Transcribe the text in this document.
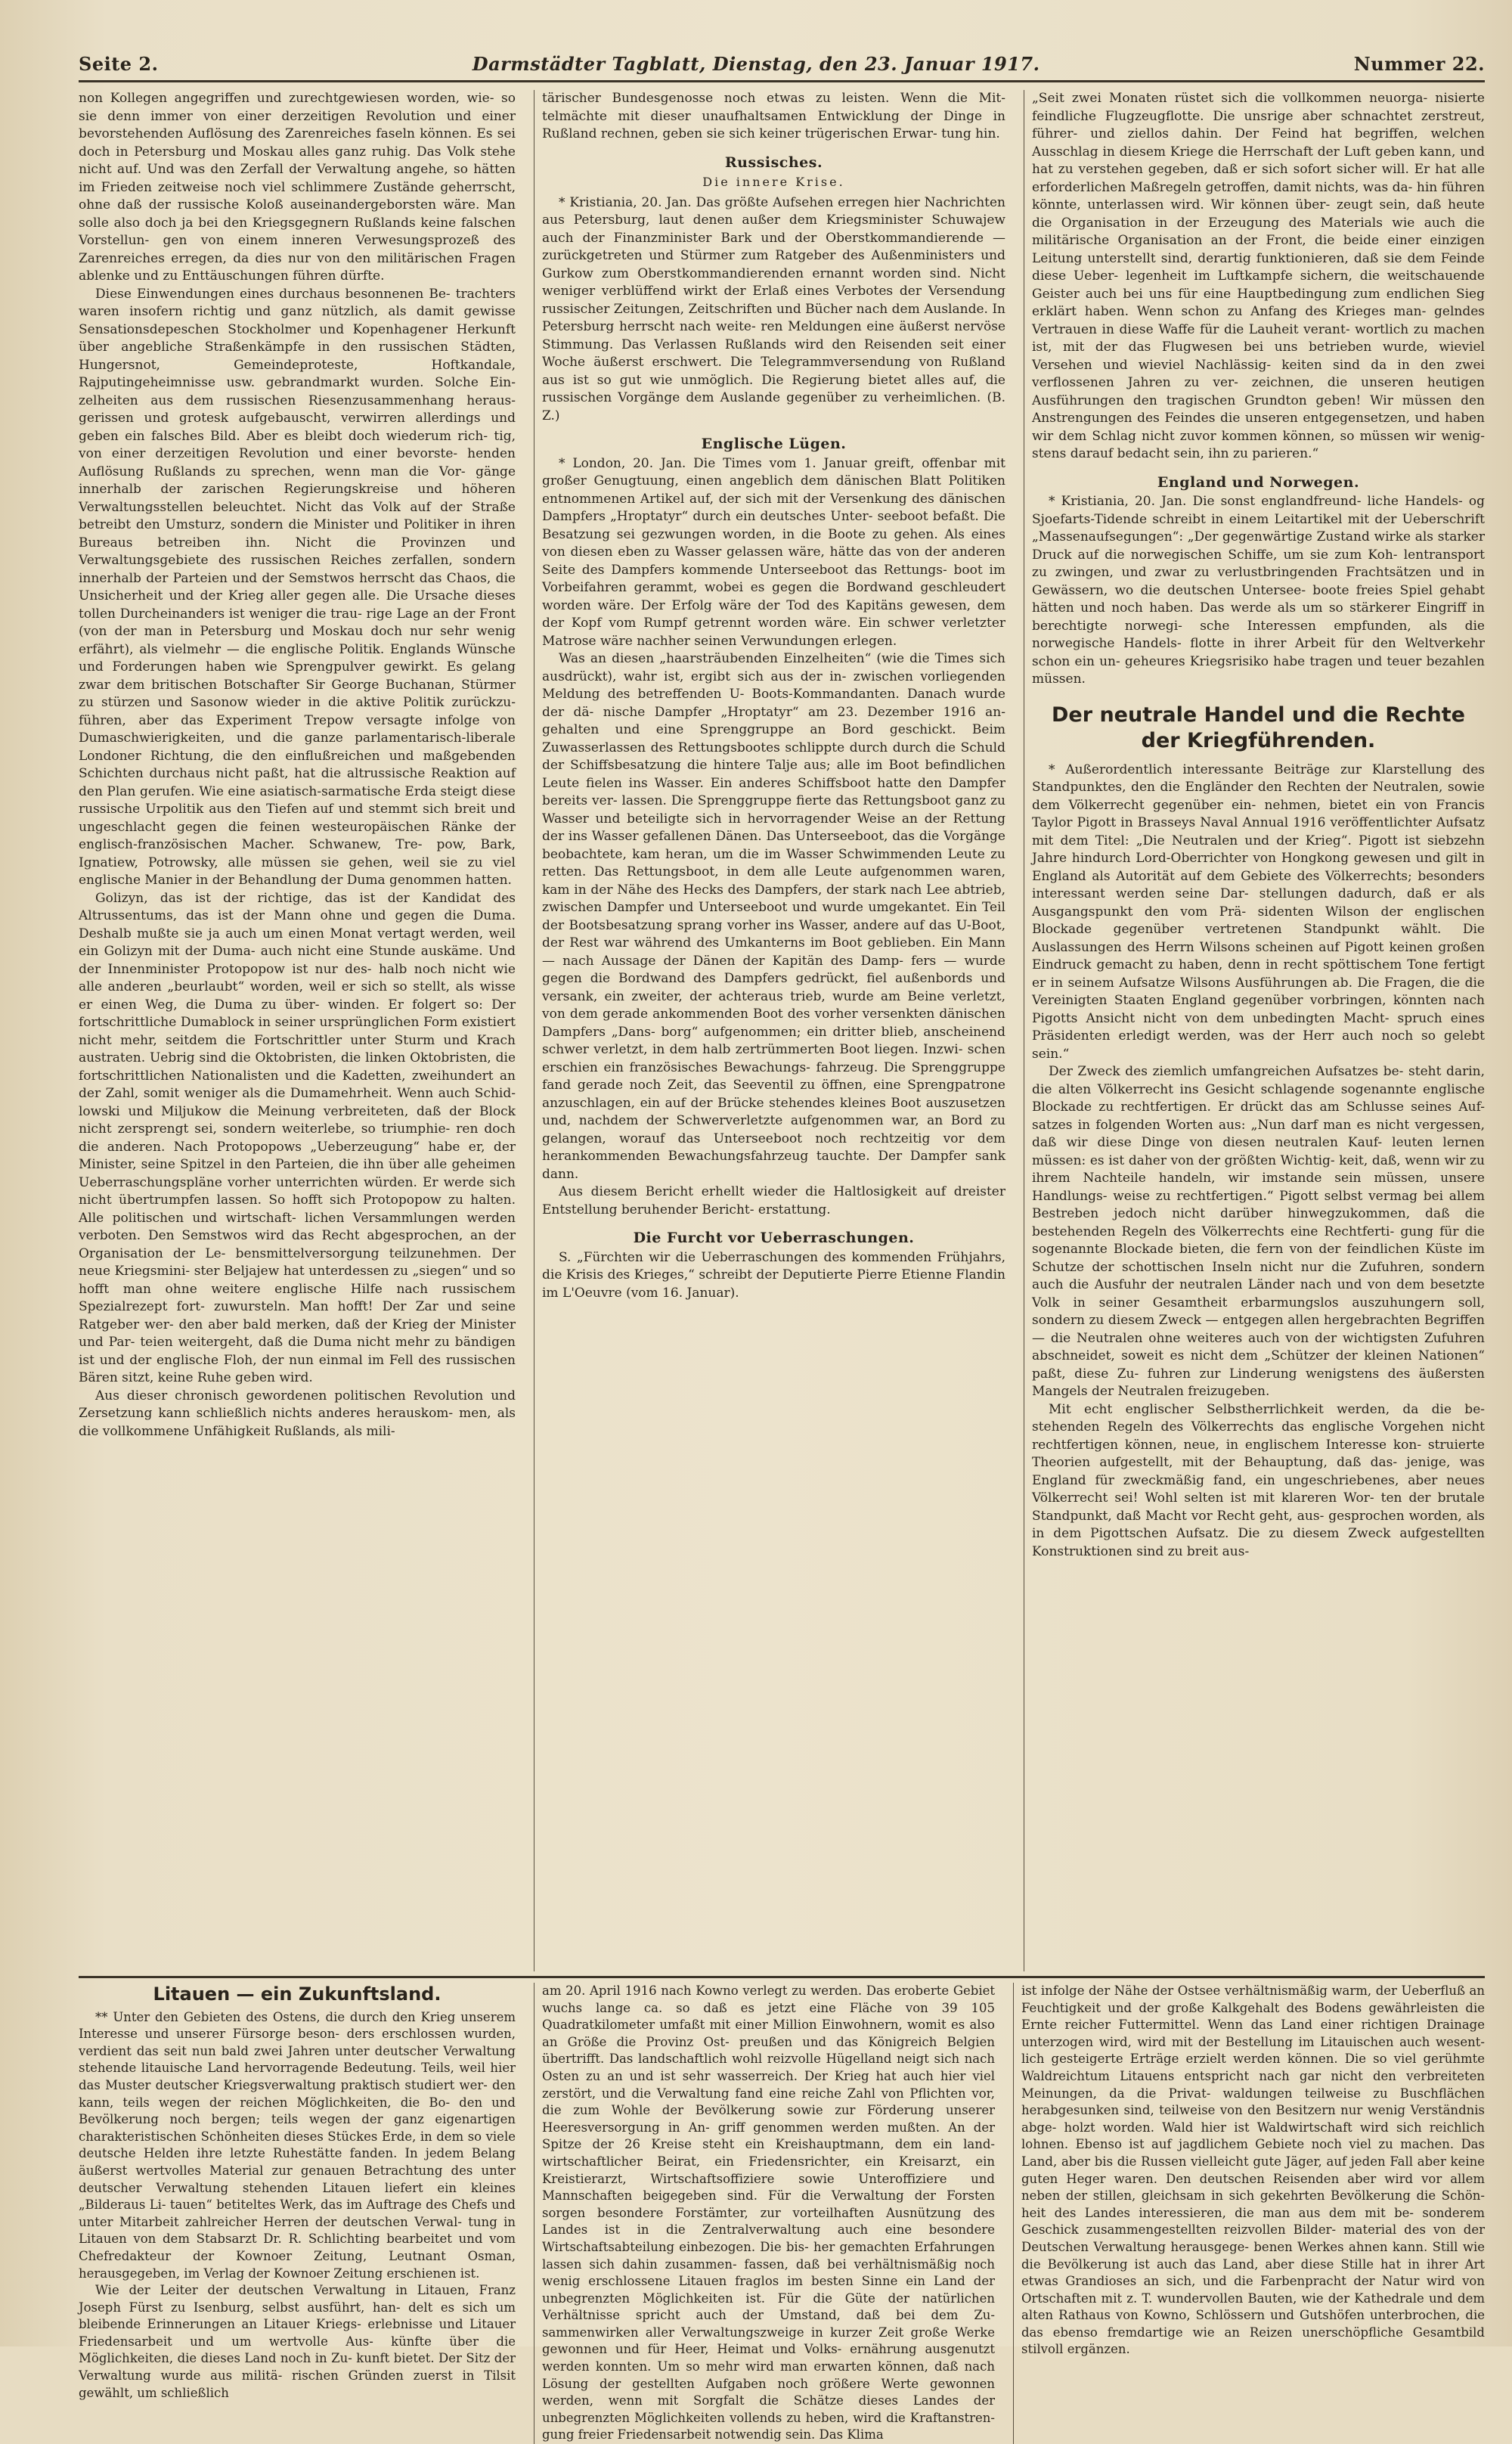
Seite 2.	Darmstädter Tagblatt, Dienstag, den 23. Januar 1917.	Nummer 22.

non Kollegen angegriffen und zurechtgewiesen worden, wie- so sie denn immer von einer derzeitigen Revolution und einer bevorstehenden Auflösung des Zarenreiches faseln können. Es sei doch in Petersburg und Moskau alles ganz ruhig. Das Volk stehe nicht auf. Und was den Zerfall der Verwaltung angehe, so hätten im Frieden zeitweise noch viel schlimmere Zustände geherrscht, ohne daß der russische Koloß auseinandergeborsten wäre. Man solle also doch ja bei den Kriegsgegnern Rußlands keine falschen Vorstellun- gen von einem inneren Verwesungsprozeß des Zarenreiches erregen, da dies nur von den militärischen Fragen ablenke und zu Enttäuschungen führen dürfte.

Diese Einwendungen eines durchaus besonnenen Be- trachters waren insofern richtig und ganz nützlich, als damit gewisse Sensationsdepeschen Stockholmer und Kopenhagener Herkunft über angebliche Straßenkämpfe in den russischen Städten, Hungersnot, Gemeindeproteste, Hoftkandale, Rajputingeheimnisse usw. gebrandmarkt wurden. Solche Ein- zelheiten aus dem russischen Riesenzusammenhang heraus- gerissen und grotesk aufgebauscht, verwirren allerdings und geben ein falsches Bild. Aber es bleibt doch wiederum rich- tig, von einer derzeitigen Revolution und einer bevorste- henden Auflösung Rußlands zu sprechen, wenn man die Vor- gänge innerhalb der zarischen Regierungskreise und höheren Verwaltungsstellen beleuchtet. Nicht das Volk auf der Straße betreibt den Umsturz, sondern die Minister und Politiker in ihren Bureaus betreiben ihn. Nicht die Provinzen und Verwaltungsgebiete des russischen Reiches zerfallen, sondern innerhalb der Parteien und der Semstwos herrscht das Chaos, die Unsicherheit und der Krieg aller gegen alle. Die Ursache dieses tollen Durcheinanders ist weniger die trau- rige Lage an der Front (von der man in Petersburg und Moskau doch nur sehr wenig erfährt), als vielmehr — die englische Politik. Englands Wünsche und Forderungen haben wie Sprengpulver gewirkt. Es gelang zwar dem britischen Botschafter Sir George Buchanan, Stürmer zu stürzen und Sasonow wieder in die aktive Politik zurückzu- führen, aber das Experiment Trepow versagte infolge von Dumaschwierigkeiten, und die ganze parlamentarisch-liberale Londoner Richtung, die den einflußreichen und maßgebenden Schichten durchaus nicht paßt, hat die altrussische Reaktion auf den Plan gerufen. Wie eine asiatisch-sarmatische Erda steigt diese russische Urpolitik aus den Tiefen auf und stemmt sich breit und ungeschlacht gegen die feinen westeuropäischen Ränke der englisch-französischen Macher. Schwanew, Tre- pow, Bark, Ignatiew, Potrowsky, alle müssen sie gehen, weil sie zu viel englische Manier in der Behandlung der Duma genommen hatten.

Golizyn, das ist der richtige, das ist der Kandidat des Altrussentums, das ist der Mann ohne und gegen die Duma. Deshalb mußte sie ja auch um einen Monat vertagt werden, weil ein Golizyn mit der Duma- auch nicht eine Stunde auskäme. Und der Innenminister Protopopow ist nur des- halb noch nicht wie alle anderen „beurlaubt“ worden, weil er sich so stellt, als wisse er einen Weg, die Duma zu über- winden. Er folgert so: Der fortschrittliche Dumablock in seiner ursprünglichen Form existiert nicht mehr, seitdem die Fortschrittler unter Sturm und Krach austraten. Uebrig sind die Oktobristen, die linken Oktobristen, die fortschrittlichen Nationalisten und die Kadetten, zweihundert an der Zahl, somit weniger als die Dumamehrheit. Wenn auch Schid- lowski und Miljukow die Meinung verbreiteten, daß der Block nicht zersprengt sei, sondern weiterlebe, so triumphie- ren doch die anderen. Nach Protopopows „Ueberzeugung“ habe er, der Minister, seine Spitzel in den Parteien, die ihn über alle geheimen Ueberraschungspläne vorher unterrichten würden. Er werde sich nicht übertrumpfen lassen. So hofft sich Protopopow zu halten. Alle politischen und wirtschaft- lichen Versammlungen werden verboten. Den Semstwos wird das Recht abgesprochen, an der Organisation der Le- bensmittelversorgung teilzunehmen. Der neue Kriegsmini- ster Beljajew hat unterdessen zu „siegen“ und so hofft man ohne weitere englische Hilfe nach russischem Spezialrezept fort- zuwursteln. Man hofft! Der Zar und seine Ratgeber wer- den aber bald merken, daß der Krieg der Minister und Par- teien weitergeht, daß die Duma nicht mehr zu bändigen ist und der englische Floh, der nun einmal im Fell des russischen Bären sitzt, keine Ruhe geben wird.

Aus dieser chronisch gewordenen politischen Revolution und Zersetzung kann schließlich nichts anderes herauskom- men, als die vollkommene Unfähigkeit Rußlands, als mili-

tärischer Bundesgenosse noch etwas zu leisten. Wenn die Mit- telmächte mit dieser unaufhaltsamen Entwicklung der Dinge in Rußland rechnen, geben sie sich keiner trügerischen Erwar- tung hin.

Russisches.
Die innere Krise.

* Kristiania, 20. Jan. Das größte Aufsehen erregen hier Nachrichten aus Petersburg, laut denen außer dem Kriegsminister Schuwajew auch der Finanzminister Bark und der Oberstkommandierende — zurückgetreten und Stürmer zum Ratgeber des Außenministers und Gurkow zum Oberstkommandierenden ernannt worden sind. Nicht weniger verblüffend wirkt der Erlaß eines Verbotes der Versendung russischer Zeitungen, Zeitschriften und Bücher nach dem Auslande. In Petersburg herrscht nach weite- ren Meldungen eine äußerst nervöse Stimmung. Das Verlassen Rußlands wird den Reisenden seit einer Woche äußerst erschwert. Die Telegrammversendung von Rußland aus ist so gut wie unmöglich. Die Regierung bietet alles auf, die russischen Vorgänge dem Auslande gegenüber zu verheimlichen. (B. Z.)

Englische Lügen.

* London, 20. Jan. Die Times vom 1. Januar greift, offenbar mit großer Genugtuung, einen angeblich dem dänischen Blatt Politiken entnommenen Artikel auf, der sich mit der Versenkung des dänischen Dampfers „Hroptatyr“ durch ein deutsches Unter- seeboot befaßt. Die Besatzung sei gezwungen worden, in die Boote zu gehen. Als eines von diesen eben zu Wasser gelassen wäre, hätte das von der anderen Seite des Dampfers kommende Unterseeboot das Rettungs- boot im Vorbeifahren gerammt, wobei es gegen die Bordwand geschleudert worden wäre. Der Erfolg wäre der Tod des Kapitäns gewesen, dem der Kopf vom Rumpf getrennt worden wäre. Ein schwer verletzter Matrose wäre nachher seinen Verwundungen erlegen.

Was an diesen „haarsträubenden Einzelheiten“ (wie die Times sich ausdrückt), wahr ist, ergibt sich aus der in- zwischen vorliegenden Meldung des betreffenden U- Boots-Kommandanten. Danach wurde der dä- nische Dampfer „Hroptatyr“ am 23. Dezember 1916 an- gehalten und eine Sprenggruppe an Bord geschickt. Beim Zuwasserlassen des Rettungsbootes schlippte durch durch die Schuld der Schiffsbesatzung die hintere Talje aus; alle im Boot befindlichen Leute fielen ins Wasser. Ein anderes Schiffsboot hatte den Dampfer bereits ver- lassen. Die Sprenggruppe fierte das Rettungsboot ganz zu Wasser und beteiligte sich in hervorragender Weise an der Rettung der ins Wasser gefallenen Dänen. Das Unterseeboot, das die Vorgänge beobachtete, kam heran, um die im Wasser Schwimmenden Leute zu retten. Das Rettungsboot, in dem alle Leute aufgenommen waren, kam in der Nähe des Hecks des Dampfers, der stark nach Lee abtrieb, zwischen Dampfer und Unterseeboot und wurde umgekantet. Ein Teil der Bootsbesatzung sprang vorher ins Wasser, andere auf das U-Boot, der Rest war während des Umkanterns im Boot geblieben. Ein Mann — nach Aussage der Dänen der Kapitän des Damp- fers — wurde gegen die Bordwand des Dampfers gedrückt, fiel außenbords und versank, ein zweiter, der achteraus trieb, wurde am Beine verletzt, von dem gerade ankommenden Boot des vorher versenkten dänischen Dampfers „Dans- borg“ aufgenommen; ein dritter blieb, anscheinend schwer verletzt, in dem halb zertrümmerten Boot liegen. Inzwi- schen erschien ein französisches Bewachungs- fahrzeug. Die Sprenggruppe fand gerade noch Zeit, das Seeventil zu öffnen, eine Sprengpatrone anzuschlagen, ein auf der Brücke stehendes kleines Boot auszusetzen und, nachdem der Schwerverletzte aufgenommen war, an Bord zu gelangen, worauf das Unterseeboot noch rechtzeitig vor dem herankommenden Bewachungsfahrzeug tauchte. Der Dampfer sank dann.

Aus diesem Bericht erhellt wieder die Haltlosigkeit auf dreister Entstellung beruhender Bericht- erstattung.

Die Furcht vor Ueberraschungen.

S. „Fürchten wir die Ueberraschungen des kommenden Frühjahrs, die Krisis des Krieges,“ schreibt der Deputierte Pierre Etienne Flandin im L'Oeuvre (vom 16. Januar).

„Seit zwei Monaten rüstet sich die vollkommen neuorga- nisierte feindliche Flugzeugflotte. Die unsrige aber schnachtet zerstreut, führer- und ziellos dahin. Der Feind hat begriffen, welchen Ausschlag in diesem Kriege die Herrschaft der Luft geben kann, und hat zu verstehen gegeben, daß er sich sofort sicher will. Er hat alle erforderlichen Maßregeln getroffen, damit nichts, was da- hin führen könnte, unterlassen wird. Wir können über- zeugt sein, daß heute die Organisation in der Erzeugung des Materials wie auch die militärische Organisation an der Front, die beide einer einzigen Leitung unterstellt sind, derartig funktionieren, daß sie dem Feinde diese Ueber- legenheit im Luftkampfe sichern, die weitschauende Geister auch bei uns für eine Hauptbedingung zum endlichen Sieg erklärt haben. Wenn schon zu Anfang des Krieges man- gelndes Vertrauen in diese Waffe für die Lauheit verant- wortlich zu machen ist, mit der das Flugwesen bei uns betrieben wurde, wieviel Versehen und wieviel Nachlässig- keiten sind da in den zwei verflossenen Jahren zu ver- zeichnen, die unseren heutigen Ausführungen den tragischen Grundton geben! Wir müssen den Anstrengungen des Feindes die unseren entgegensetzen, und haben wir dem Schlag nicht zuvor kommen können, so müssen wir wenig- stens darauf bedacht sein, ihn zu parieren.“

England und Norwegen.

* Kristiania, 20. Jan. Die sonst englandfreund- liche Handels- og Sjoefarts-Tidende schreibt in einem Leitartikel mit der Ueberschrift „Massenaufsegungen“: „Der gegenwärtige Zustand wirke als starker Druck auf die norwegischen Schiffe, um sie zum Koh- lentransport zu zwingen, und zwar zu verlustbringenden Frachtsätzen und in Gewässern, wo die deutschen Untersee- boote freies Spiel gehabt hätten und noch haben. Das werde als um so stärkerer Eingriff in berechtigte norwegi- sche Interessen empfunden, als die norwegische Handels- flotte in ihrer Arbeit für den Weltverkehr schon ein un- geheures Kriegsrisiko habe tragen und teuer bezahlen müssen.

Der neutrale Handel und die Rechte der Kriegführenden.

* Außerordentlich interessante Beiträge zur Klarstellung des Standpunktes, den die Engländer den Rechten der Neutralen, sowie dem Völkerrecht gegenüber ein- nehmen, bietet ein von Francis Taylor Pigott in Brasseys Naval Annual 1916 veröffentlichter Aufsatz mit dem Titel: „Die Neutralen und der Krieg“. Pigott ist siebzehn Jahre hindurch Lord-Oberrichter von Hongkong gewesen und gilt in England als Autorität auf dem Gebiete des Völkerrechts; besonders interessant werden seine Dar- stellungen dadurch, daß er als Ausgangspunkt den vom Prä- sidenten Wilson der englischen Blockade gegenüber vertretenen Standpunkt wählt. Die Auslassungen des Herrn Wilsons scheinen auf Pigott keinen großen Eindruck gemacht zu haben, denn in recht spöttischem Tone fertigt er in seinem Aufsatze Wilsons Ausführungen ab. Die Fragen, die die Vereinigten Staaten England gegenüber vorbringen, könnten nach Pigotts Ansicht nicht von dem unbedingten Macht- spruch eines Präsidenten erledigt werden, was der Herr auch noch so gelebt sein.“

Der Zweck des ziemlich umfangreichen Aufsatzes be- steht darin, die alten Völkerrecht ins Gesicht schlagende sogenannte englische Blockade zu rechtfertigen. Er drückt das am Schlusse seines Auf- satzes in folgenden Worten aus: „Nun darf man es nicht vergessen, daß wir diese Dinge von diesen neutralen Kauf- leuten lernen müssen: es ist daher von der größten Wichtig- keit, daß, wenn wir zu ihrem Nachteile handeln, wir imstande sein müssen, unsere Handlungs- weise zu rechtfertigen.“ Pigott selbst vermag bei allem Bestreben jedoch nicht darüber hinwegzukommen, daß die bestehenden Regeln des Völkerrechts eine Rechtferti- gung für die sogenannte Blockade bieten, die fern von der feindlichen Küste im Schutze der schottischen Inseln nicht nur die Zufuhren, sondern auch die Ausfuhr der neutralen Länder nach und von dem besetzte Volk in seiner Gesamtheit erbarmungslos auszuhungern soll, sondern zu diesem Zweck — entgegen allen hergebrachten Begriffen — die Neutralen ohne weiteres auch von der wichtigsten Zufuhren abschneidet, soweit es nicht dem „Schützer der kleinen Nationen“ paßt, diese Zu- fuhren zur Linderung wenigstens des äußersten Mangels der Neutralen freizugeben.

Mit echt englischer Selbstherrlichkeit werden, da die be- stehenden Regeln des Völkerrechts das englische Vorgehen nicht rechtfertigen können, neue, in englischem Interesse kon- struierte Theorien aufgestellt, mit der Behauptung, daß das- jenige, was England für zweckmäßig fand, ein ungeschriebenes, aber neues Völkerrecht sei! Wohl selten ist mit klareren Wor- ten der brutale Standpunkt, daß Macht vor Recht geht, aus- gesprochen worden, als in dem Pigottschen Aufsatz. Die zu diesem Zweck aufgestellten Konstruktionen sind zu breit aus-

Litauen — ein Zukunftsland.

** Unter den Gebieten des Ostens, die durch den Krieg unserem Interesse und unserer Fürsorge beson- ders erschlossen wurden, verdient das seit nun bald zwei Jahren unter deutscher Verwaltung stehende litauische Land hervorragende Bedeutung. Teils, weil hier das Muster deutscher Kriegsverwaltung praktisch studiert wer- den kann, teils wegen der reichen Möglichkeiten, die Bo- den und Bevölkerung noch bergen; teils wegen der ganz eigenartigen charakteristischen Schönheiten dieses Stückes Erde, in dem so viele deutsche Helden ihre letzte Ruhestätte fanden. In jedem Belang äußerst wertvolles Material zur genauen Betrachtung des unter deutscher Verwaltung stehenden Litauen liefert ein kleines „Bilderaus Li- tauen“ betiteltes Werk, das im Auftrage des Chefs und unter Mitarbeit zahlreicher Herren der deutschen Verwal- tung in Litauen von dem Stabsarzt Dr. R. Schlichting bearbeitet und vom Chefredakteur der Kownoer Zeitung, Leutnant Osman, herausgegeben, im Verlag der Kownoer Zeitung erschienen ist.

Wie der Leiter der deutschen Verwaltung in Litauen, Franz Joseph Fürst zu Isenburg, selbst ausführt, han- delt es sich um bleibende Erinnerungen an Litauer Kriegs- erlebnisse und Litauer Friedensarbeit und um wertvolle Aus- künfte über die Möglichkeiten, die dieses Land noch in Zu- kunft bietet. Der Sitz der Verwaltung wurde aus militä- rischen Gründen zuerst in Tilsit gewählt, um schließlich

am 20. April 1916 nach Kowno verlegt zu werden. Das eroberte Gebiet wuchs lange ca. so daß es jetzt eine Fläche von 39 105 Quadratkilometer umfaßt mit einer Million Einwohnern, womit es also an Größe die Provinz Ost- preußen und das Königreich Belgien übertrifft. Das landschaftlich wohl reizvolle Hügelland neigt sich nach Osten zu an und ist sehr wasserreich. Der Krieg hat auch hier viel zerstört, und die Verwaltung fand eine reiche Zahl von Pflichten vor, die zum Wohle der Bevölkerung sowie zur Förderung unserer Heeresversorgung in An- griff genommen werden mußten. An der Spitze der 26 Kreise steht ein Kreishauptmann, dem ein land- wirtschaftlicher Beirat, ein Friedensrichter, ein Kreisarzt, ein Kreistierarzt, Wirtschaftsoffiziere sowie Unteroffiziere und Mannschaften beigegeben sind. Für die Verwaltung der Forsten sorgen besondere Forstämter, zur vorteilhaften Ausnützung des Landes ist in die Zentralverwaltung auch eine besondere Wirtschaftsabteilung einbezogen. Die bis- her gemachten Erfahrungen lassen sich dahin zusammen- fassen, daß bei verhältnismäßig noch wenig erschlossene Litauen fraglos im besten Sinne ein Land der unbegrenzten Möglichkeiten ist. Für die Güte der natürlichen Verhältnisse spricht auch der Umstand, daß bei dem Zu- sammenwirken aller Verwaltungszweige in kurzer Zeit große Werke gewonnen und für Heer, Heimat und Volks- ernährung ausgenutzt werden konnten. Um so mehr wird man erwarten können, daß nach Lösung der gestellten Aufgaben noch größere Werte gewonnen werden, wenn mit Sorgfalt die Schätze dieses Landes der unbegrenzten Möglichkeiten vollends zu heben, wird die Kraftanstren- gung freier Friedensarbeit notwendig sein. Das Klima

ist infolge der Nähe der Ostsee verhältnismäßig warm, der Ueberfluß an Feuchtigkeit und der große Kalkgehalt des Bodens gewährleisten die Ernte reicher Futtermittel. Wenn das Land einer richtigen Drainage unterzogen wird, wird mit der Bestellung im Litauischen auch wesent- lich gesteigerte Erträge erzielt werden können. Die so viel gerühmte Waldreichtum Litauens entspricht nach gar nicht den verbreiteten Meinungen, da die Privat- waldungen teilweise zu Buschflächen herabgesunken sind, teilweise von den Besitzern nur wenig Verständnis abge- holzt worden. Wald hier ist Waldwirtschaft wird sich reichlich lohnen. Ebenso ist auf jagdlichem Gebiete noch viel zu machen. Das Land, aber bis die Russen vielleicht gute Jäger, auf jeden Fall aber keine guten Heger waren. Den deutschen Reisenden aber wird vor allem neben der stillen, gleichsam in sich gekehrten Bevölkerung die Schön- heit des Landes interessieren, die man aus dem mit be- sonderem Geschick zusammengestellten reizvollen Bilder- material des von der Deutschen Verwaltung herausgege- benen Werkes ahnen kann. Still wie die Bevölkerung ist auch das Land, aber diese Stille hat in ihrer Art etwas Grandioses an sich, und die Farbenpracht der Natur wird von Ortschaften mit z. T. wundervollen Bauten, wie der Kathedrale und dem alten Rathaus von Kowno, Schlössern und Gutshöfen unterbrochen, die das ebenso fremdartige wie an Reizen unerschöpfliche Gesamtbild stilvoll ergänzen.
